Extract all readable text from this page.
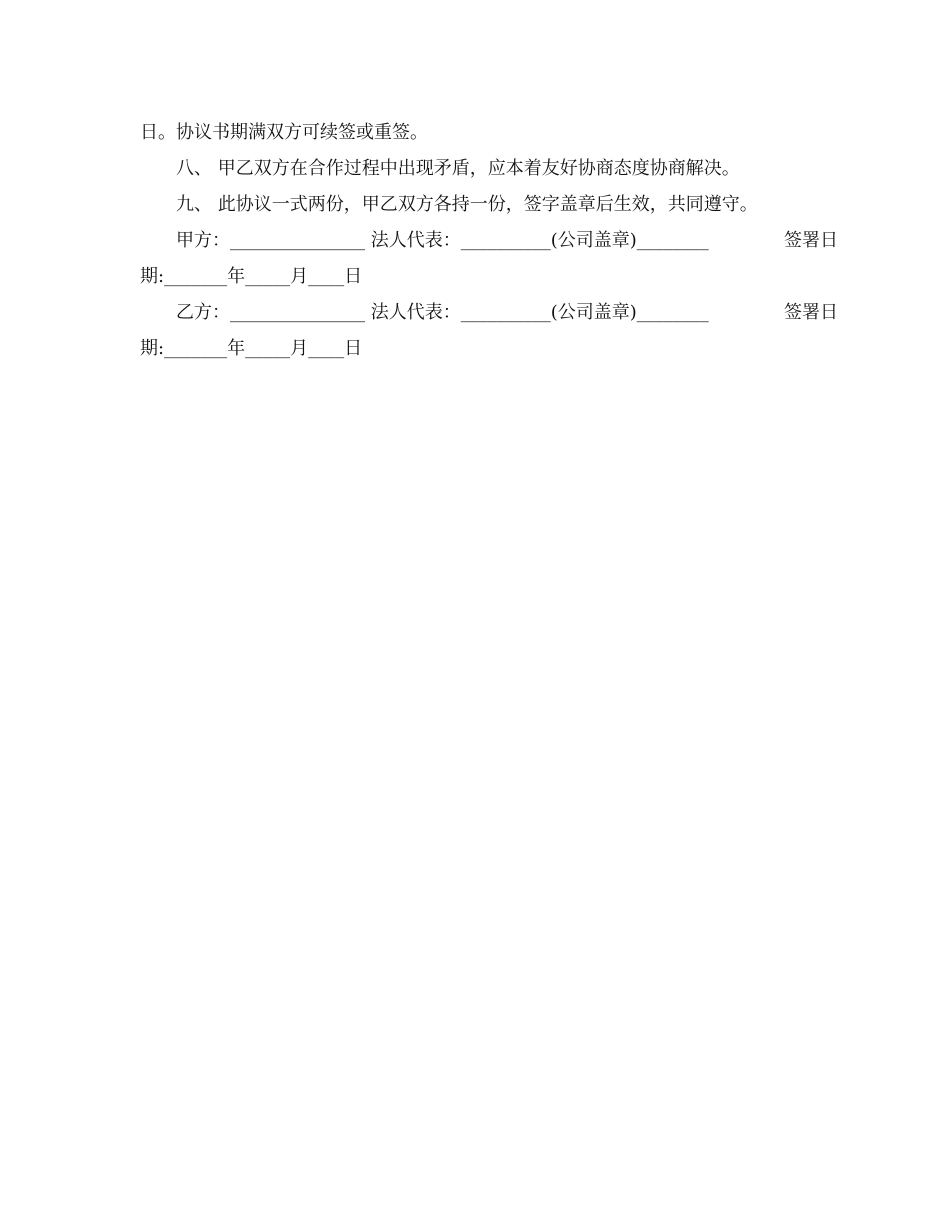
日。协议书期满双方可续签或重签。
八、 甲乙双方在合作过程中出现矛盾，应本着友好协商态度协商解决。
九、 此协议一式两份，甲乙双方各持一份，签字盖章后生效，共同遵守。
甲方：_______________ 法人代表：__________(公司盖章)________	签署日
期:_______年_____月____日
乙方：_______________ 法人代表：__________(公司盖章)________	签署日
期:_______年_____月____日
